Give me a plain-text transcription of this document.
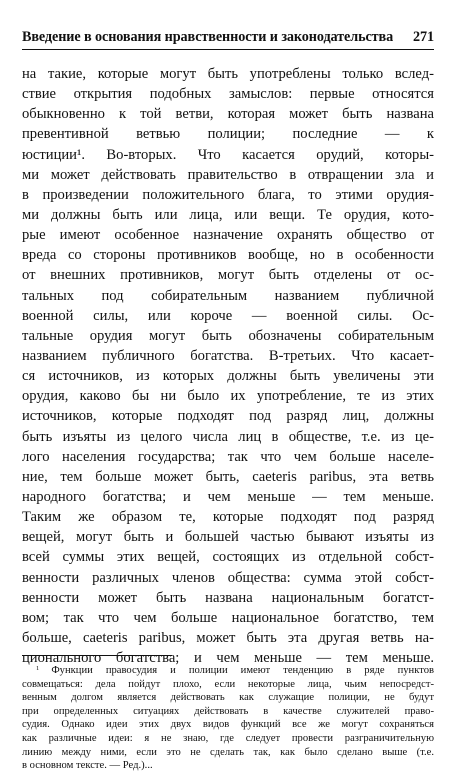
Введение в основания нравственности и законодательства 271
на такие, которые могут быть употреблены только вслед-
ствие открытия подобных замыслов: первые относятся
обыкновенно к той ветви, которая может быть названа
превентивной ветвью полиции; последние — к
юстиции¹. Во-вторых. Что касается орудий, которы-
ми может действовать правительство в отвращении зла и
в произведении положительного блага, то этими орудия-
ми должны быть или лица, или вещи. Те орудия, кото-
рые имеют особенное назначение охранять общество от
вреда со стороны противников вообще, но в особенности
от внешних противников, могут быть отделены от ос-
тальных под собирательным названием публичной
военной силы, или короче — военной силы. Ос-
тальные орудия могут быть обозначены собирательным
названием публичного богатства. В-третьих. Что касает-
ся источников, из которых должны быть увеличены эти
орудия, каково бы ни было их употребление, те из этих
источников, которые подходят под разряд лиц, должны
быть изъяты из целого числа лиц в обществе, т.е. из це-
лого населения государства; так что чем больше населе-
ние, тем больше может быть, caeteris paribus, эта ветвь
народного богатства; и чем меньше — тем меньше.
Таким же образом те, которые подходят под разряд
вещей, могут быть и большей частью бывают изъяты из
всей суммы этих вещей, состоящих из отдельной собст-
венности различных членов общества: сумма этой собст-
венности может быть названа национальным богатст-
вом; так что чем больше национальное богатство, тем
больше, caeteris paribus, может быть эта другая ветвь на-
ционального богатства; и чем меньше — тем меньше.
$^1$ Функции правосудия и полиции имеют тенденцию в ряде пунктов
совмещаться: дела пойдут плохо, если некоторые лица, чьим непосредст-
венным долгом является действовать как служащие полиции, не будут
при определенных ситуациях действовать в качестве служителей право-
судия. Однако идеи этих двух видов функций все же могут сохраняться
как различные идеи: я не знаю, где следует провести разграничительную
линию между ними, если это не сделать так, как было сделано выше (т.е.
в основном тексте. — Ред.)...
